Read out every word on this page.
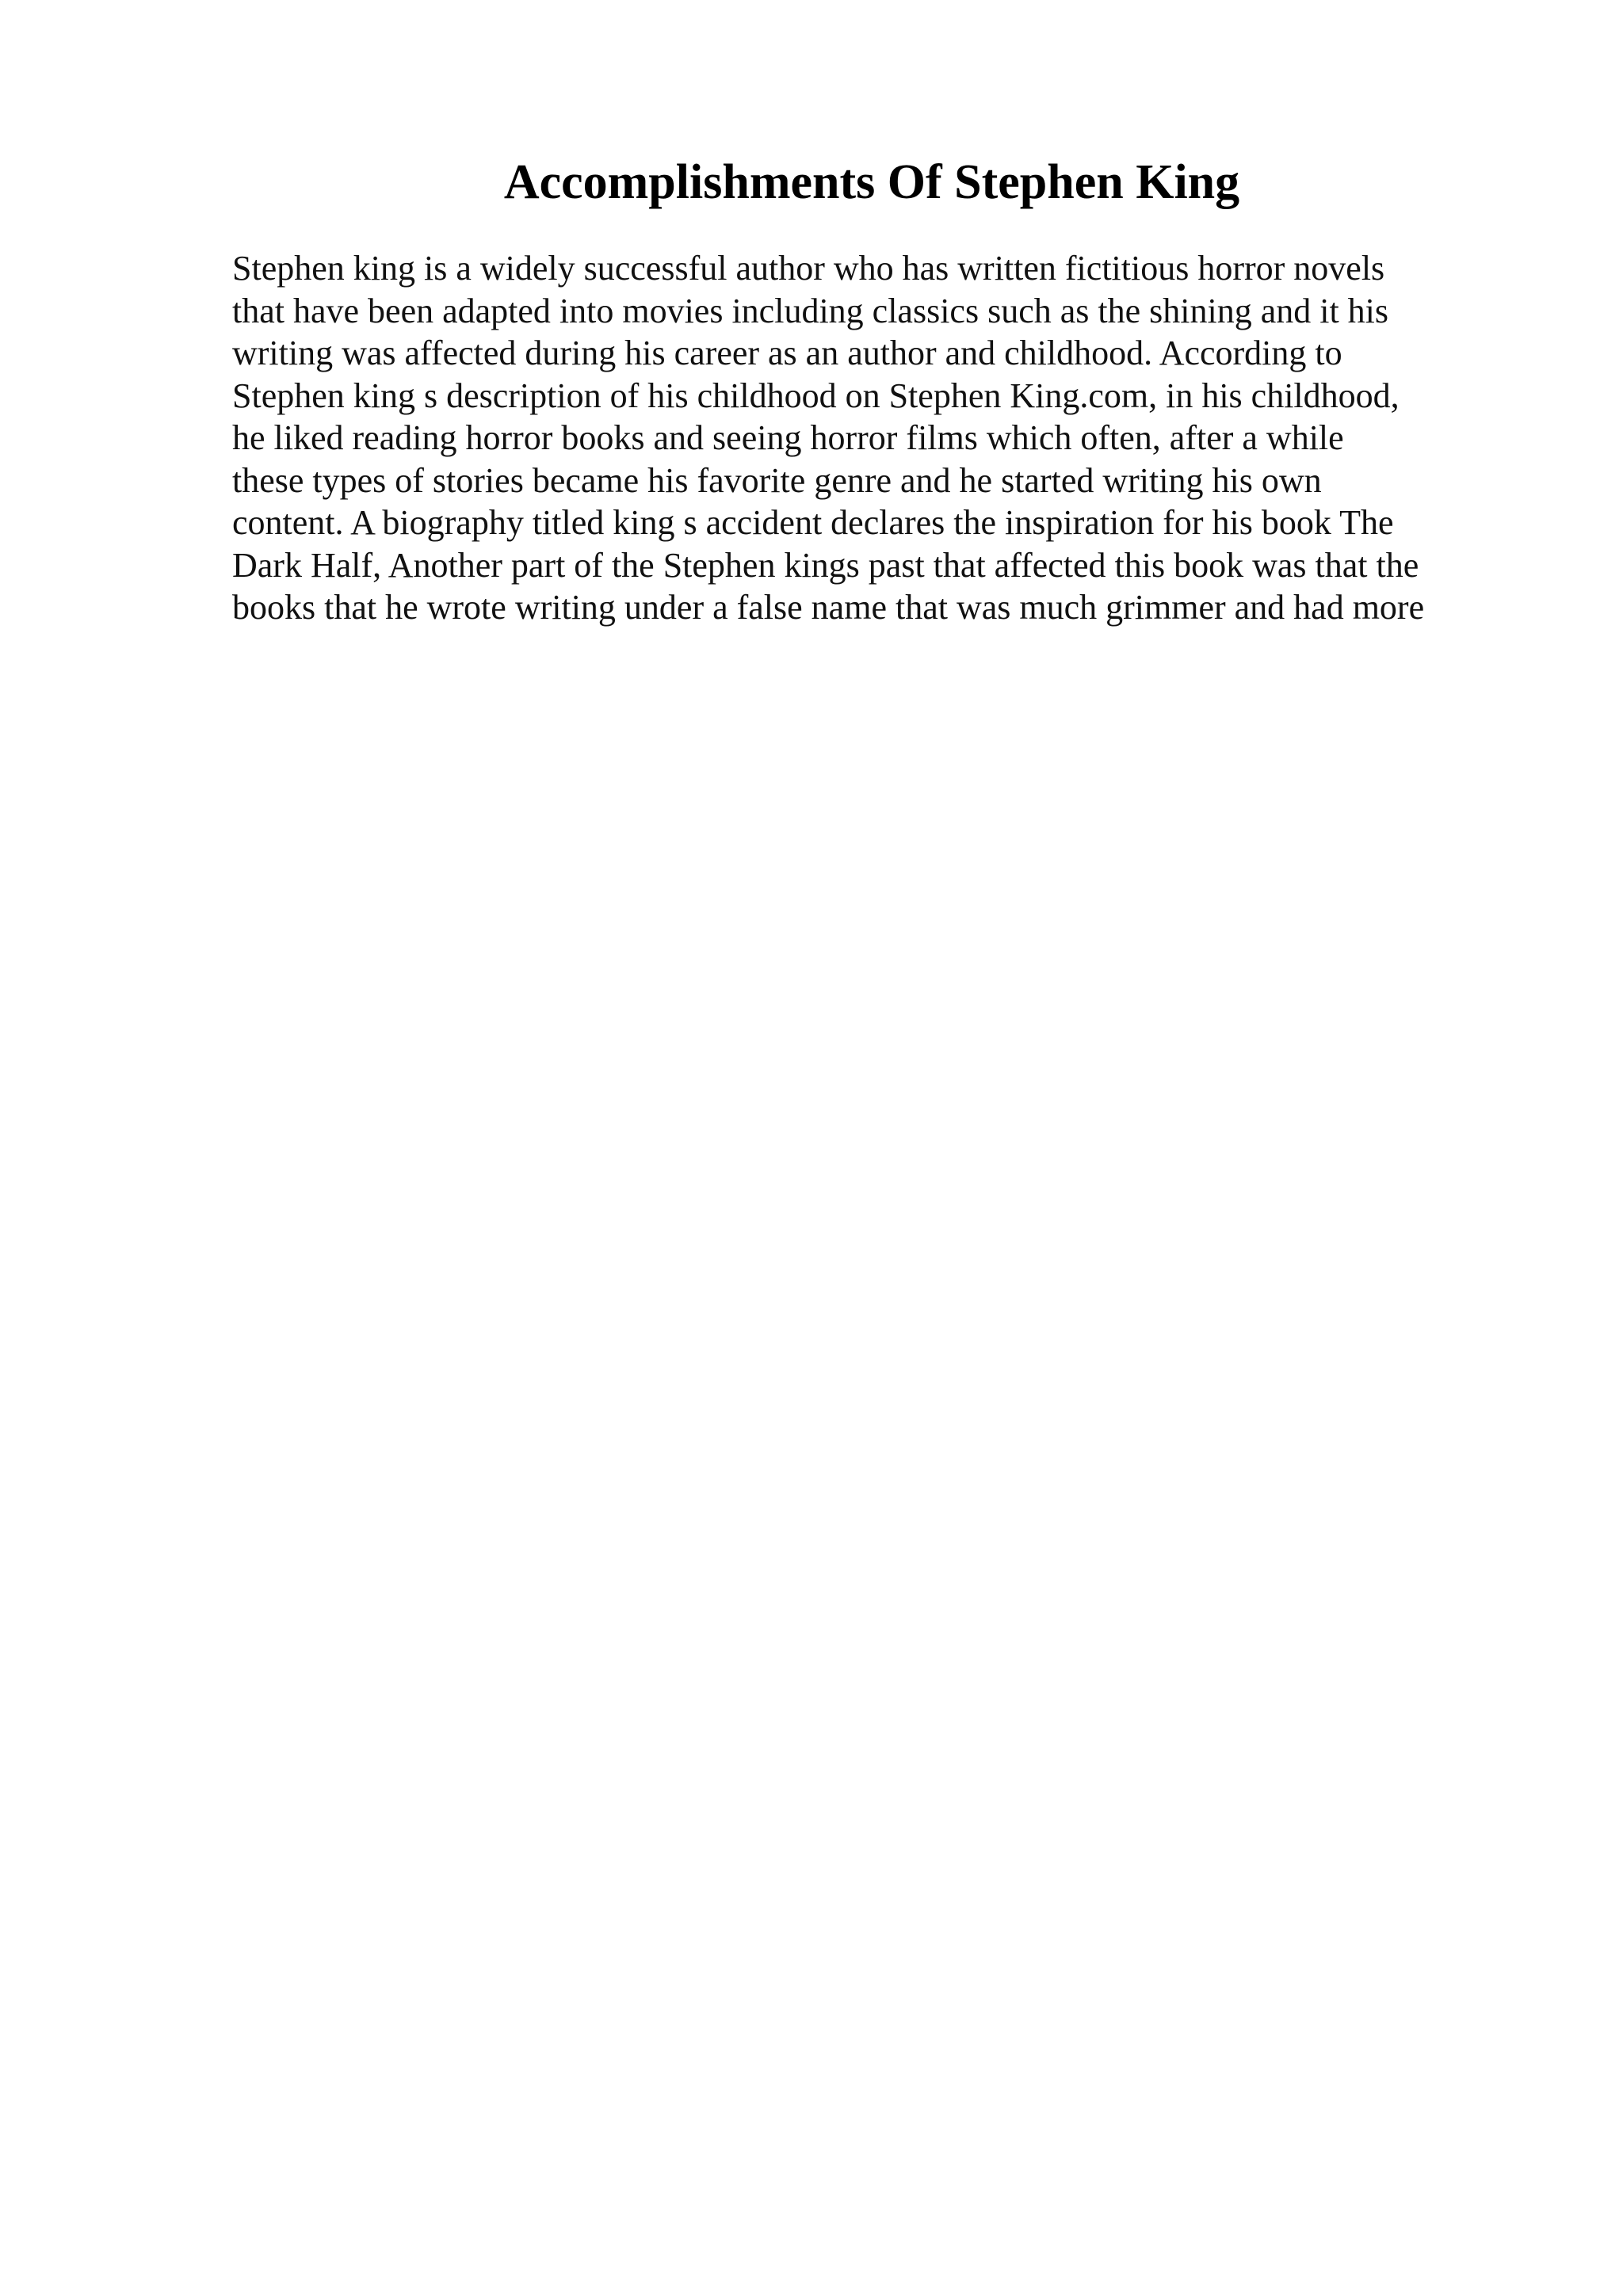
Accomplishments Of Stephen King
Stephen king is a widely successful author who has written fictitious horror novels
that have been adapted into movies including classics such as the shining and it his
writing was affected during his career as an author and childhood. According to
Stephen king s description of his childhood on Stephen King.com, in his childhood,
he liked reading horror books and seeing horror films which often, after a while
these types of stories became his favorite genre and he started writing his own
content. A biography titled king s accident declares the inspiration for his book The
Dark Half, Another part of the Stephen kings past that affected this book was that the
books that he wrote writing under a false name that was much grimmer and had more
